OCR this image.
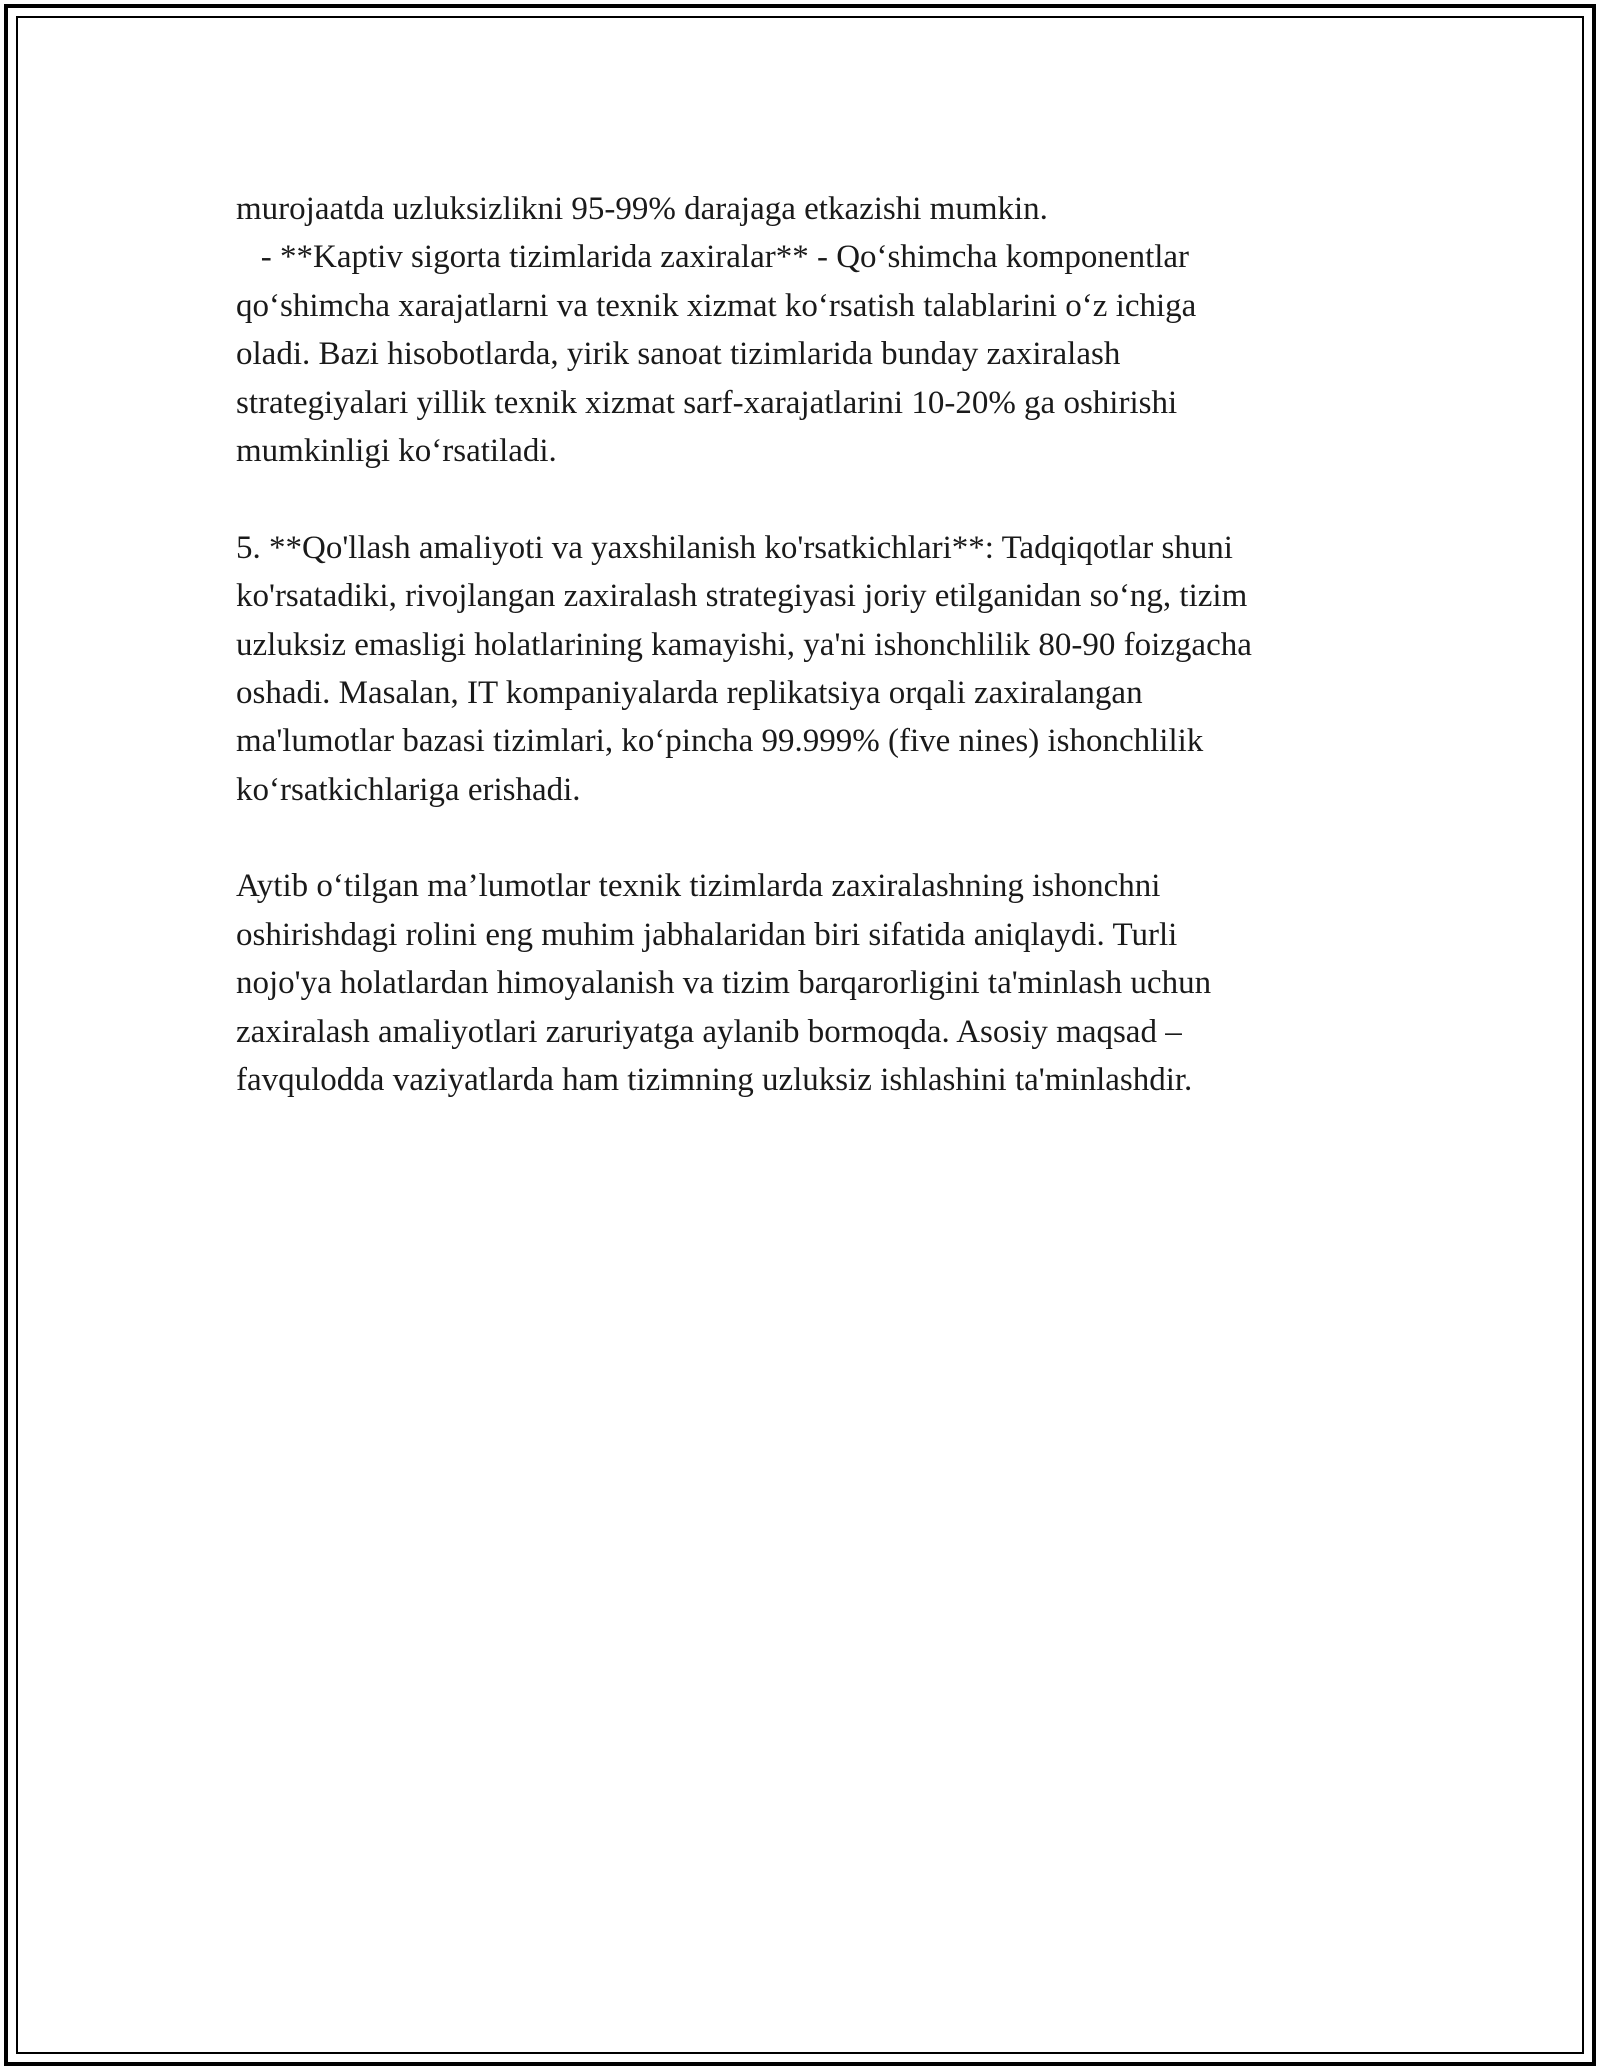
murojaatda uzluksizlikni 95-99% darajaga etkazishi mumkin.
- **Kaptiv sigorta tizimlarida zaxiralar** - Qo‘shimcha komponentlar
qo‘shimcha xarajatlarni va texnik xizmat ko‘rsatish talablarini o‘z ichiga
oladi. Bazi hisobotlarda, yirik sanoat tizimlarida bunday zaxiralash
strategiyalari yillik texnik xizmat sarf-xarajatlarini 10-20% ga oshirishi
mumkinligi ko‘rsatiladi.
5. **Qo'llash amaliyoti va yaxshilanish ko'rsatkichlari**: Tadqiqotlar shuni
ko'rsatadiki, rivojlangan zaxiralash strategiyasi joriy etilganidan so‘ng, tizim
uzluksiz emasligi holatlarining kamayishi, ya'ni ishonchlilik 80-90 foizgacha
oshadi. Masalan, IT kompaniyalarda replikatsiya orqali zaxiralangan
ma'lumotlar bazasi tizimlari, ko‘pincha 99.999% (five nines) ishonchlilik
ko‘rsatkichlariga erishadi.
Aytib o‘tilgan ma’lumotlar texnik tizimlarda zaxiralashning ishonchni
oshirishdagi rolini eng muhim jabhalaridan biri sifatida aniqlaydi. Turli
nojo'ya holatlardan himoyalanish va tizim barqarorligini ta'minlash uchun
zaxiralash amaliyotlari zaruriyatga aylanib bormoqda. Asosiy maqsad –
favqulodda vaziyatlarda ham tizimning uzluksiz ishlashini ta'minlashdir.
